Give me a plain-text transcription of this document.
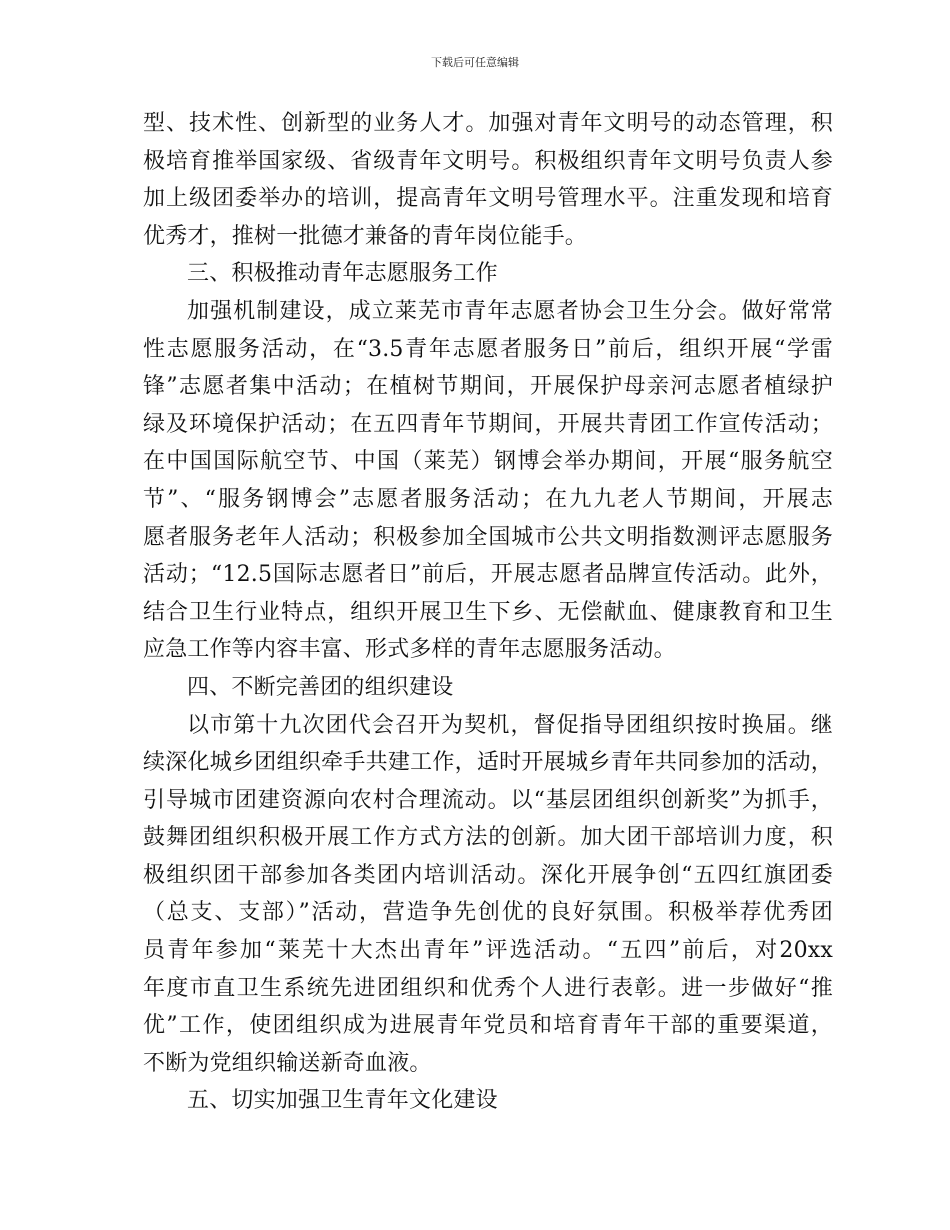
下载后可任意编辑
型、技术性、创新型的业务人才。加强对青年文明号的动态管理，积
极培育推举国家级、省级青年文明号。积极组织青年文明号负责人参
加上级团委举办的培训，提高青年文明号管理水平。注重发现和培育
优秀才，推树一批德才兼备的青年岗位能手。
三、积极推动青年志愿服务工作
加强机制建设，成立莱芜市青年志愿者协会卫生分会。做好常常
性志愿服务活动，在“3.5青年志愿者服务日”前后，组织开展“学雷
锋”志愿者集中活动；在植树节期间，开展保护母亲河志愿者植绿护
绿及环境保护活动；在五四青年节期间，开展共青团工作宣传活动；
在中国国际航空节、中国（莱芜）钢博会举办期间，开展“服务航空
节”、“服务钢博会”志愿者服务活动；在九九老人节期间，开展志
愿者服务老年人活动；积极参加全国城市公共文明指数测评志愿服务
活动；“12.5国际志愿者日”前后，开展志愿者品牌宣传活动。此外，
结合卫生行业特点，组织开展卫生下乡、无偿献血、健康教育和卫生
应急工作等内容丰富、形式多样的青年志愿服务活动。
四、不断完善团的组织建设
以市第十九次团代会召开为契机，督促指导团组织按时换届。继
续深化城乡团组织牵手共建工作，适时开展城乡青年共同参加的活动，
引导城市团建资源向农村合理流动。以“基层团组织创新奖”为抓手，
鼓舞团组织积极开展工作方式方法的创新。加大团干部培训力度，积
极组织团干部参加各类团内培训活动。深化开展争创“五四红旗团委
（总支、支部）”活动，营造争先创优的良好氛围。积极举荐优秀团
员青年参加“莱芜十大杰出青年”评选活动。“五四”前后，对20xx
年度市直卫生系统先进团组织和优秀个人进行表彰。进一步做好“推
优”工作，使团组织成为进展青年党员和培育青年干部的重要渠道，
不断为党组织输送新奇血液。
五、切实加强卫生青年文化建设
